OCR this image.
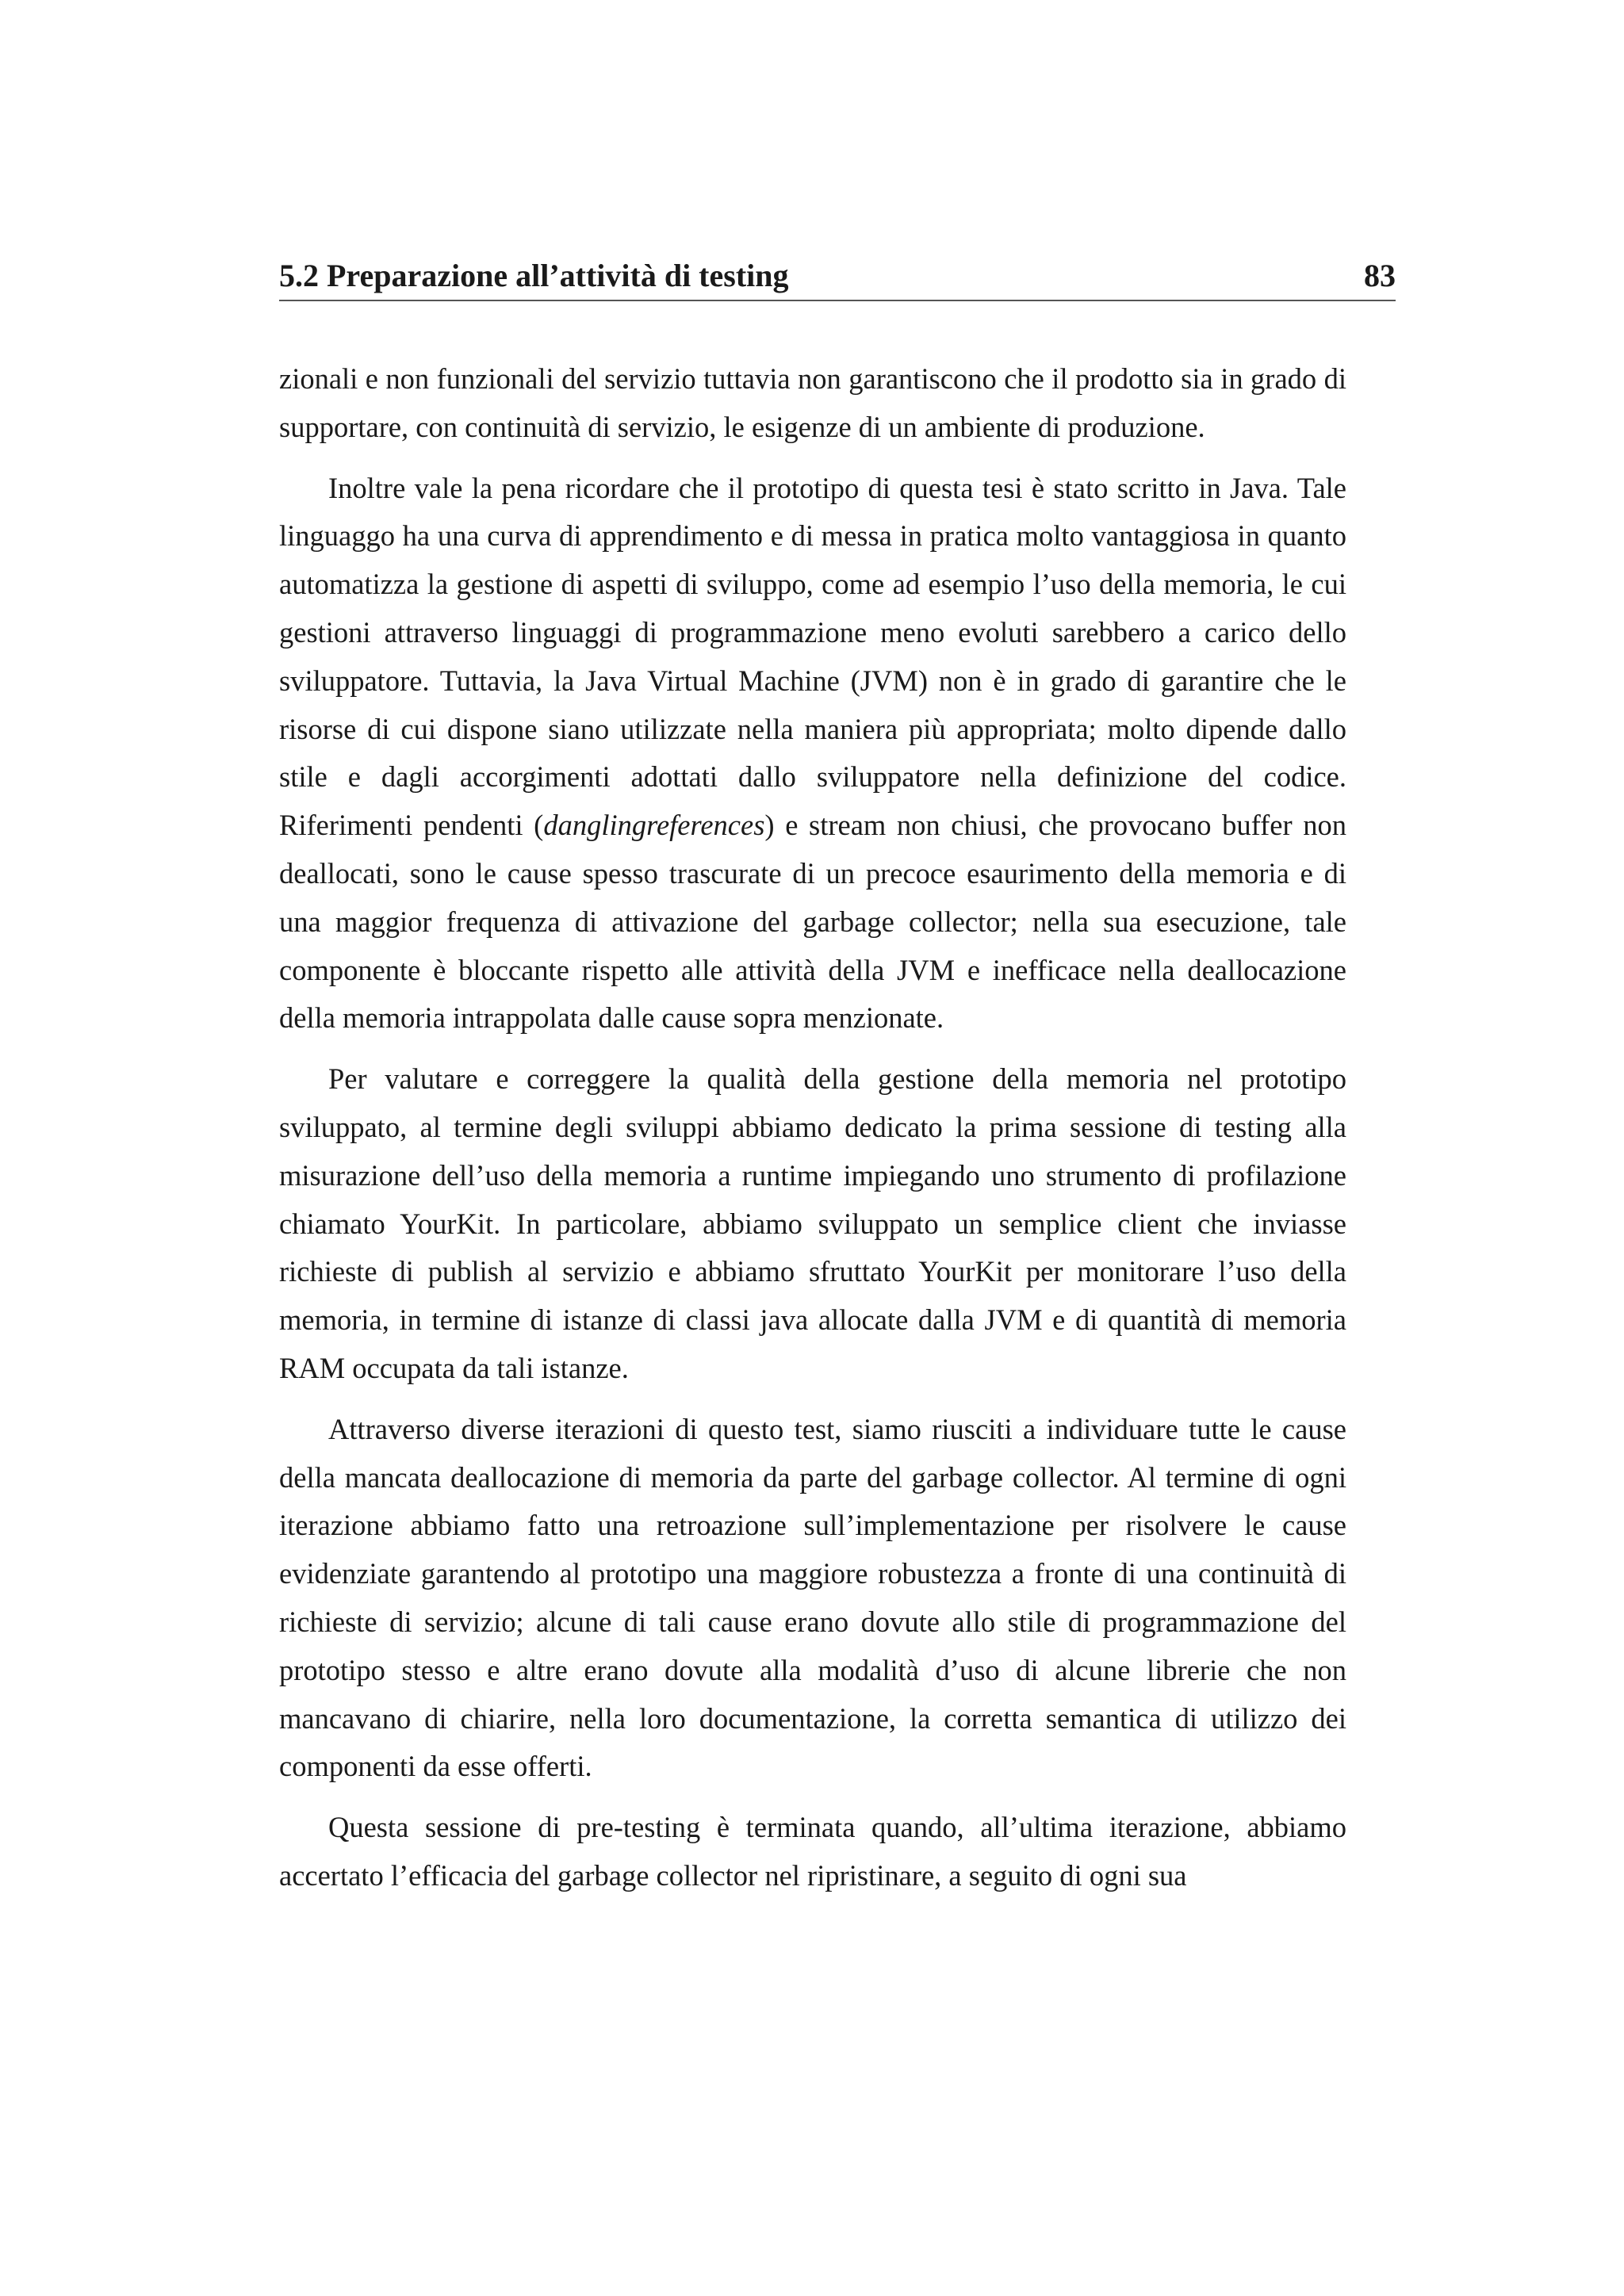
5.2 Preparazione all’attività di testing	83

zionali e non funzionali del servizio tuttavia non garantiscono che il prodotto sia in grado di supportare, con continuità di servizio, le esigenze di un ambiente di produzione.

Inoltre vale la pena ricordare che il prototipo di questa tesi è stato scritto in Java. Tale linguaggo ha una curva di apprendimento e di messa in pratica molto vantaggiosa in quanto automatizza la gestione di aspetti di sviluppo, come ad esempio l’uso della memoria, le cui gestioni attraverso linguaggi di programmazione meno evoluti sarebbero a carico dello sviluppatore. Tuttavia, la Java Virtual Machine (JVM) non è in grado di garantire che le risorse di cui dispone siano utilizzate nella maniera più appropriata; molto dipende dallo stile e dagli accorgimenti adottati dallo sviluppatore nella definizione del codice. Riferimenti pendenti (danglingreferences) e stream non chiusi, che provocano buffer non deallocati, sono le cause spesso trascurate di un precoce esaurimento della memoria e di una maggior frequenza di attivazione del garbage collector; nella sua esecuzione, tale componente è bloccante rispetto alle attività della JVM e inefficace nella deallocazione della memoria intrappolata dalle cause sopra menzionate.

Per valutare e correggere la qualità della gestione della memoria nel prototipo sviluppato, al termine degli sviluppi abbiamo dedicato la prima sessione di testing alla misurazione dell’uso della memoria a runtime impiegando uno strumento di profilazione chiamato YourKit. In particolare, abbiamo sviluppato un semplice client che inviasse richieste di publish al servizio e abbiamo sfruttato YourKit per monitorare l’uso della memoria, in termine di istanze di classi java allocate dalla JVM e di quantità di memoria RAM occupata da tali istanze.

Attraverso diverse iterazioni di questo test, siamo riusciti a individuare tutte le cause della mancata deallocazione di memoria da parte del garbage collector. Al termine di ogni iterazione abbiamo fatto una retroazione sull’implementazione per risolvere le cause evidenziate garantendo al prototipo una maggiore robustezza a fronte di una continuità di richieste di servizio; alcune di tali cause erano dovute allo stile di programmazione del prototipo stesso e altre erano dovute alla modalità d’uso di alcune librerie che non mancavano di chiarire, nella loro documentazione, la corretta semantica di utilizzo dei componenti da esse offerti.

Questa sessione di pre-testing è terminata quando, all’ultima iterazione, abbiamo accertato l’efficacia del garbage collector nel ripristinare, a seguito di ogni sua
